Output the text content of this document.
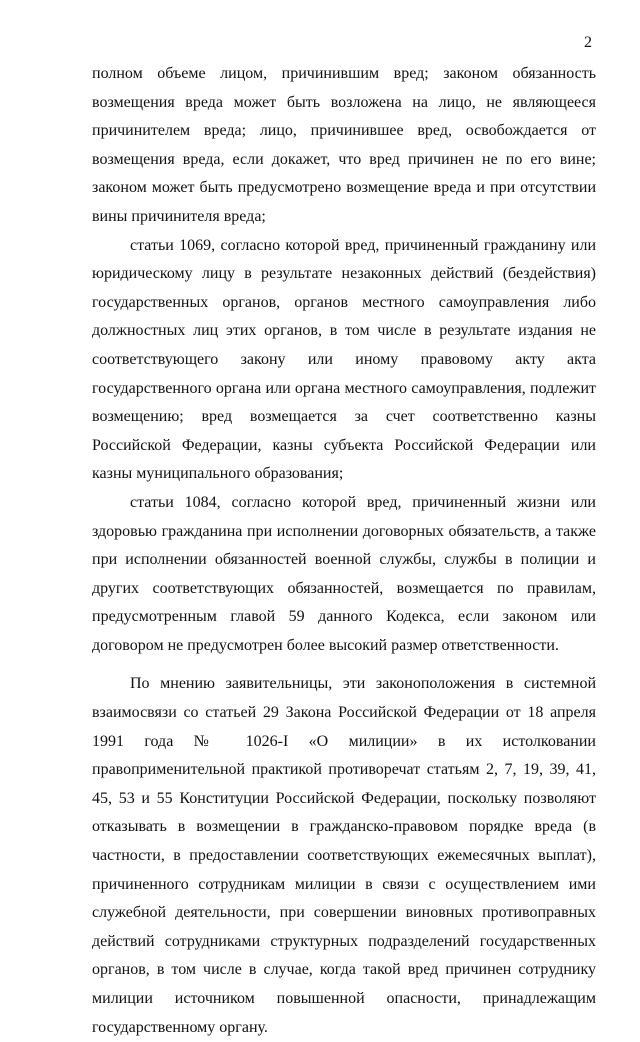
2

полном объеме лицом, причинившим вред; законом обязанность возмещения вреда может быть возложена на лицо, не являющееся причинителем вреда; лицо, причинившее вред, освобождается от возмещения вреда, если докажет, что вред причинен не по его вине; законом может быть предусмотрено возмещение вреда и при отсутствии вины причинителя вреда;

статьи 1069, согласно которой вред, причиненный гражданину или юридическому лицу в результате незаконных действий (бездействия) государственных органов, органов местного самоуправления либо должностных лиц этих органов, в том числе в результате издания не соответствующего закону или иному правовому акту акта государственного органа или органа местного самоуправления, подлежит возмещению; вред возмещается за счет соответственно казны Российской Федерации, казны субъекта Российской Федерации или казны муниципального образования;

статьи 1084, согласно которой вред, причиненный жизни или здоровью гражданина при исполнении договорных обязательств, а также при исполнении обязанностей военной службы, службы в полиции и других соответствующих обязанностей, возмещается по правилам, предусмотренным главой 59 данного Кодекса, если законом или договором не предусмотрен более высокий размер ответственности.

По мнению заявительницы, эти законоположения в системной взаимосвязи со статьей 29 Закона Российской Федерации от 18 апреля 1991 года № 1026-I «О милиции» в их истолковании правоприменительной практикой противоречат статьям 2, 7, 19, 39, 41, 45, 53 и 55 Конституции Российской Федерации, поскольку позволяют отказывать в возмещении в гражданско-правовом порядке вреда (в частности, в предоставлении соответствующих ежемесячных выплат), причиненного сотрудникам милиции в связи с осуществлением ими служебной деятельности, при совершении виновных противоправных действий сотрудниками структурных подразделений государственных органов, в том числе в случае, когда такой вред причинен сотруднику милиции источником повышенной опасности, принадлежащим государственному органу.
